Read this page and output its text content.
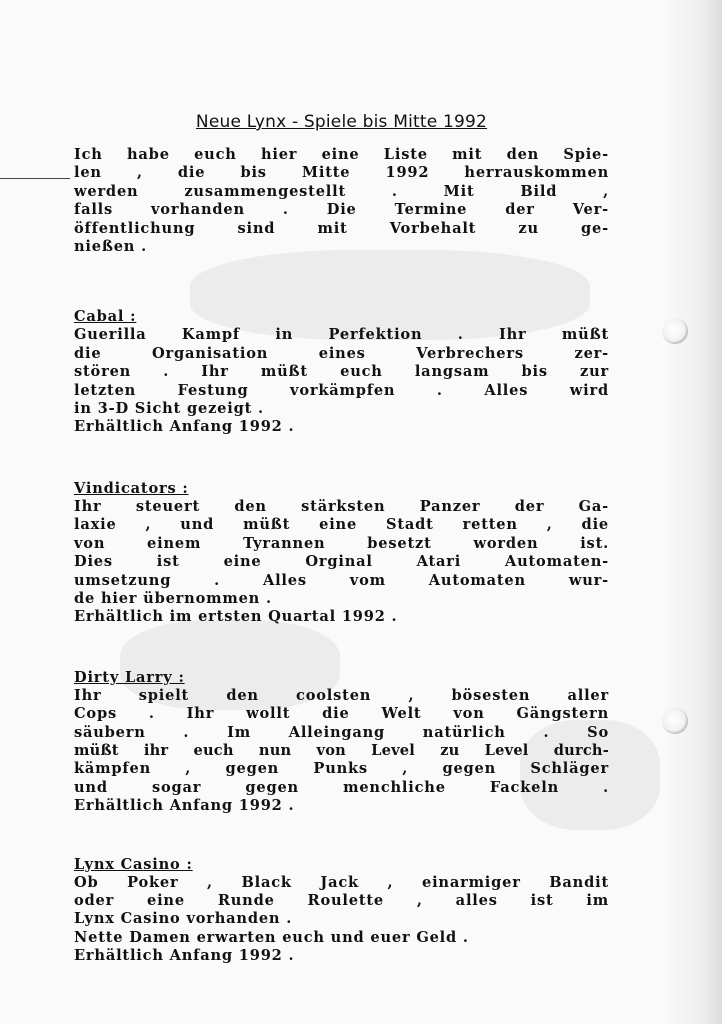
Neue Lynx - Spiele bis Mitte 1992
Ich habe euch hier eine Liste mit den Spie-
len , die bis Mitte 1992 herrauskommen
werden zusammengestellt . Mit Bild ,
falls vorhanden . Die Termine der Ver-
öffentlichung sind mit Vorbehalt zu ge-
nießen .
Cabal :
Guerilla Kampf in Perfektion . Ihr müßt
die Organisation eines Verbrechers zer-
stören . Ihr müßt euch langsam bis zur
letzten Festung vorkämpfen . Alles wird
in 3-D Sicht gezeigt .
Erhältlich Anfang 1992 .
Vindicators :
Ihr steuert den stärksten Panzer der Ga-
laxie , und müßt eine Stadt retten , die
von einem Tyrannen besetzt worden ist.
Dies ist eine Orginal Atari Automaten-
umsetzung . Alles vom Automaten wur-
de hier übernommen .
Erhältlich im ertsten Quartal 1992 .
Dirty Larry :
Ihr spielt den coolsten , bösesten aller
Cops . Ihr wollt die Welt von Gängstern
säubern . Im Alleingang natürlich . So
müßt ihr euch nun von Level zu Level durch-
kämpfen , gegen Punks , gegen Schläger
und sogar gegen menchliche Fackeln .
Erhältlich Anfang 1992 .
Lynx Casino :
Ob Poker , Black Jack , einarmiger Bandit
oder eine Runde Roulette , alles ist im
Lynx Casino vorhanden .
Nette Damen erwarten euch und euer Geld .
Erhältlich Anfang 1992 .
